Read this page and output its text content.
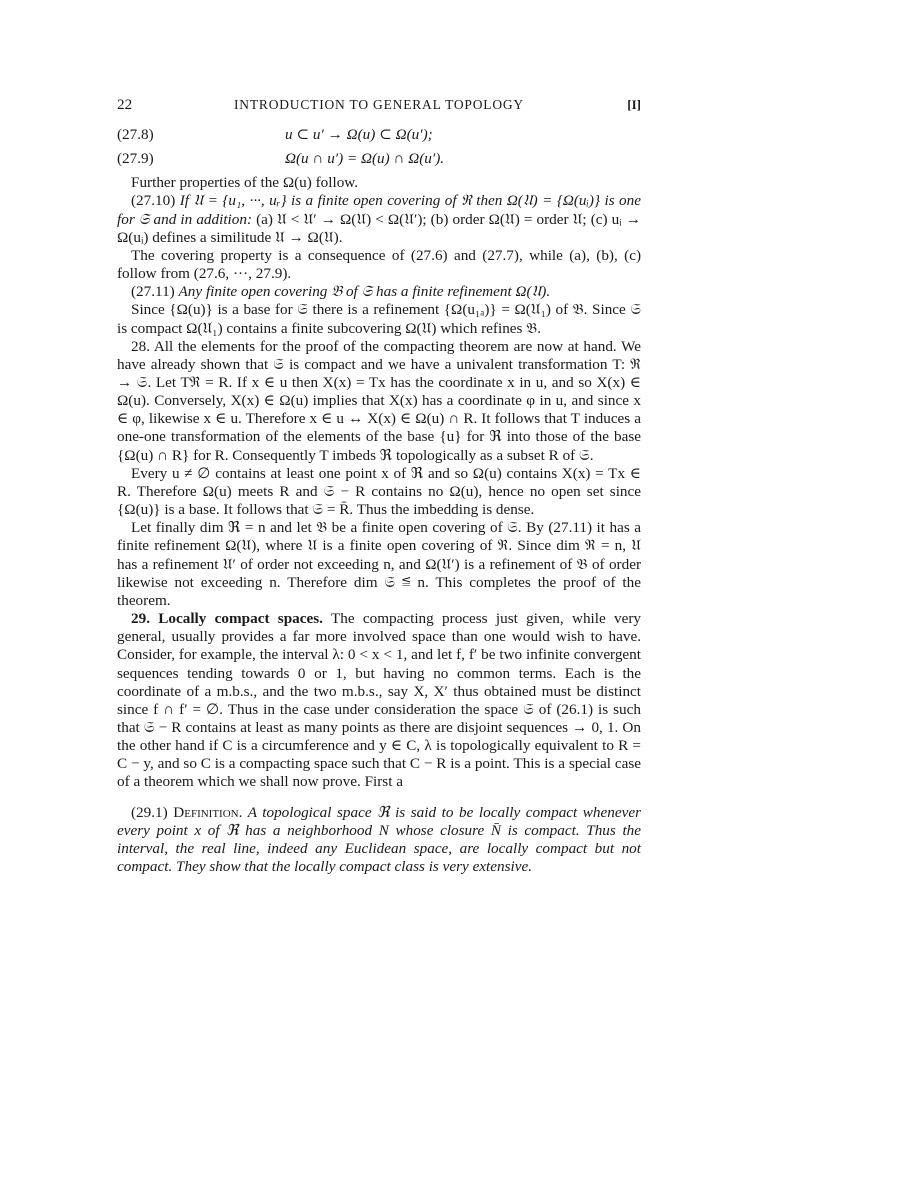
22	INTRODUCTION TO GENERAL TOPOLOGY	[I]
(27.8)	u ⊂ u′ → Ω(u) ⊂ Ω(u′);
(27.9)	Ω(u ∩ u′) = Ω(u) ∩ Ω(u′).

Further properties of the Ω(u) follow.

(27.10) If 𝔘 = {u₁, ···, uᵣ} is a finite open covering of ℜ then Ω(𝔘) = {Ω(uᵢ)} is one for 𝔖 and in addition: (a) 𝔘 < 𝔘′ → Ω(𝔘) < Ω(𝔘′); (b) order Ω(𝔘) = order 𝔘; (c) uᵢ → Ω(uᵢ) defines a similitude 𝔘 → Ω(𝔘).

The covering property is a consequence of (27.6) and (27.7), while (a), (b), (c) follow from (27.6, ···, 27.9).

(27.11) Any finite open covering 𝔅 of 𝔖 has a finite refinement Ω(𝔘).

Since {Ω(u)} is a base for 𝔖 there is a refinement {Ω(u₁ₐ)} = Ω(𝔘₁) of 𝔅. Since 𝔖 is compact Ω(𝔘₁) contains a finite subcovering Ω(𝔘) which refines 𝔅.

28. All the elements for the proof of the compacting theorem are now at hand. We have already shown that 𝔖 is compact and we have a univalent transformation T: ℜ → 𝔖. Let Tℜ = R. If x ∈ u then X(x) = Tx has the coordinate x in u, and so X(x) ∈ Ω(u). Conversely, X(x) ∈ Ω(u) implies that X(x) has a coordinate φ in u, and since x ∈ φ, likewise x ∈ u. Therefore x ∈ u ↔ X(x) ∈ Ω(u) ∩ R. It follows that T induces a one-one transformation of the elements of the base {u} for ℜ into those of the base {Ω(u) ∩ R} for R. Consequently T imbeds ℜ topologically as a subset R of 𝔖.

Every u ≠ ∅ contains at least one point x of ℜ and so Ω(u) contains X(x) = Tx ∈ R. Therefore Ω(u) meets R and 𝔖 − R contains no Ω(u), hence no open set since {Ω(u)} is a base. It follows that 𝔖 = R̄. Thus the imbedding is dense.

Let finally dim ℜ = n and let 𝔅 be a finite open covering of 𝔖. By (27.11) it has a finite refinement Ω(𝔘), where 𝔘 is a finite open covering of ℜ. Since dim ℜ = n, 𝔘 has a refinement 𝔘′ of order not exceeding n, and Ω(𝔘′) is a refinement of 𝔅 of order likewise not exceeding n. Therefore dim 𝔖 ≦ n. This completes the proof of the theorem.

29. Locally compact spaces. The compacting process just given, while very general, usually provides a far more involved space than one would wish to have. Consider, for example, the interval λ: 0 < x < 1, and let f, f′ be two infinite convergent sequences tending towards 0 or 1, but having no common terms. Each is the coordinate of a m.b.s., and the two m.b.s., say X, X′ thus obtained must be distinct since f ∩ f′ = ∅. Thus in the case under consideration the space 𝔖 of (26.1) is such that 𝔖 − R contains at least as many points as there are disjoint sequences → 0, 1. On the other hand if C is a circumference and y ∈ C, λ is topologically equivalent to R = C − y, and so C is a compacting space such that C − R is a point. This is a special case of a theorem which we shall now prove. First a

(29.1) Definition. A topological space ℜ is said to be locally compact whenever every point x of ℜ has a neighborhood N whose closure N̄ is compact. Thus the interval, the real line, indeed any Euclidean space, are locally compact but not compact. They show that the locally compact class is very extensive.
